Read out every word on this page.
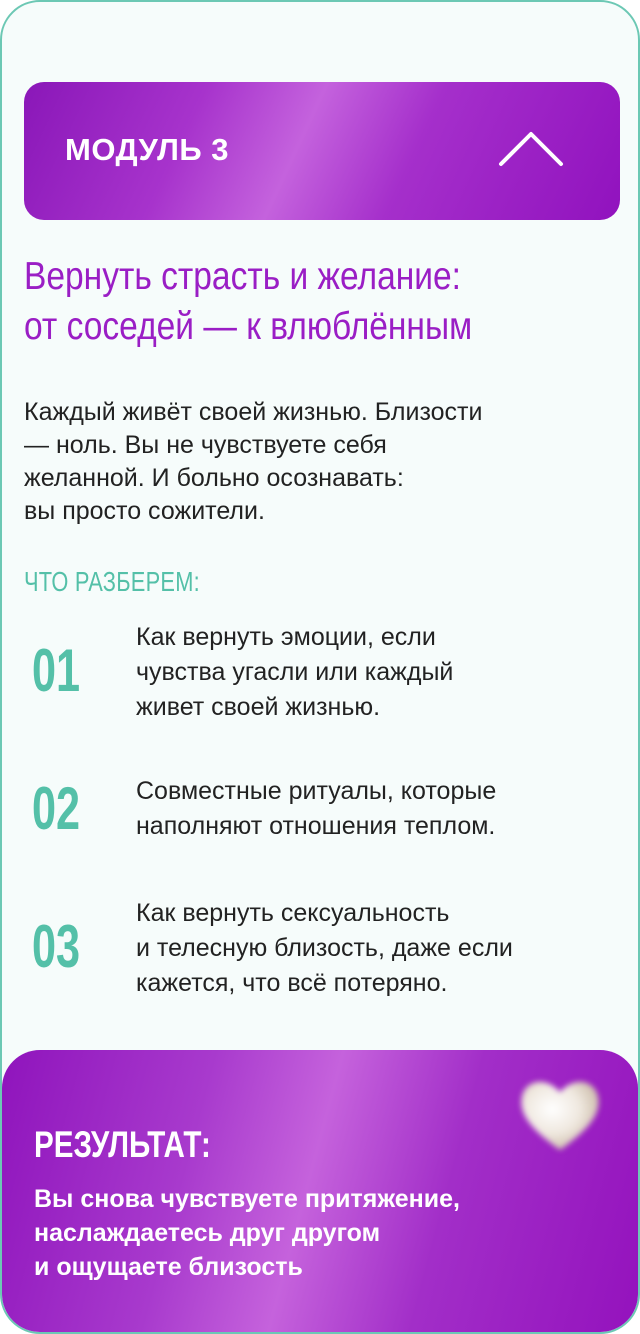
МОДУЛЬ 3
Вернуть страсть и желание:
от соседей — к влюблённым
Каждый живёт своей жизнью. Близости
— ноль. Вы не чувствуете себя
желанной. И больно осознавать:
вы просто сожители.
ЧТО РАЗБЕРЕМ:
01 Как вернуть эмоции, если
чувства угасли или каждый
живет своей жизнью.
02 Совместные ритуалы, которые
наполняют отношения теплом.
03 Как вернуть сексуальность
и телесную близость, даже если
кажется, что всё потеряно.
РЕЗУЛЬТАТ:
Вы снова чувствуете притяжение,
наслаждаетесь друг другом
и ощущаете близость
